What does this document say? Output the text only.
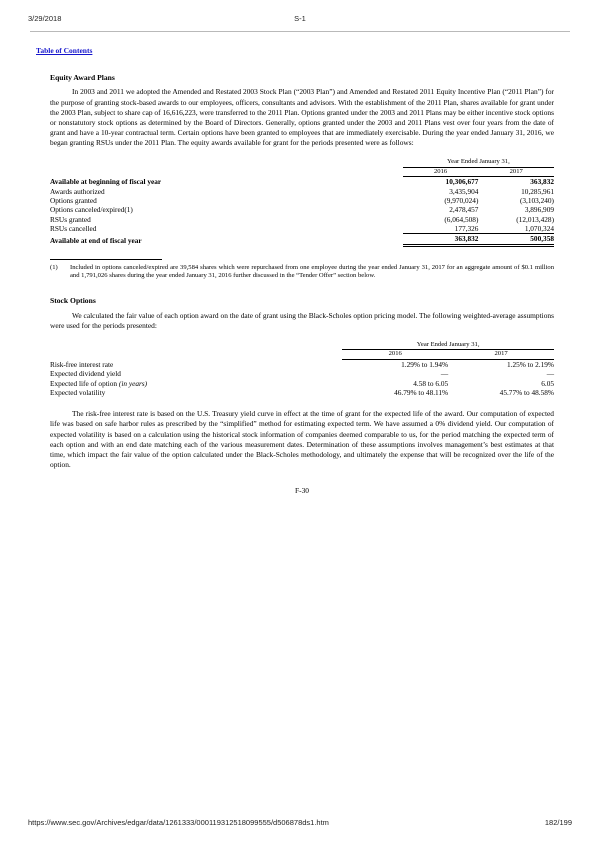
3/29/2018	S-1
Table of Contents
Equity Award Plans

In 2003 and 2011 we adopted the Amended and Restated 2003 Stock Plan (“2003 Plan”) and Amended and Restated 2011 Equity Incentive Plan (“2011 Plan”) for the purpose of granting stock-based awards to our employees, officers, consultants and advisors. With the establishment of the 2011 Plan, shares available for grant under the 2003 Plan, subject to share cap of 16,616,223, were transferred to the 2011 Plan. Options granted under the 2003 and 2011 Plans may be either incentive stock options or nonstatutory stock options as determined by the Board of Directors. Generally, options granted under the 2003 and 2011 Plans vest over four years from the date of grant and have a 10-year contractual term. Certain options have been granted to employees that are immediately exercisable. During the year ended January 31, 2016, we began granting RSUs under the 2011 Plan. The equity awards available for grant for the periods presented were as follows:

		Year Ended January 31,	
		2016	2017
Available at beginning of fiscal year		10,306,677	363,832
Awards authorized		3,435,904	10,285,961
Options granted		(9,970,024)	(3,103,240)
Options canceled/expired(1)		2,478,457	3,896,909
RSUs granted		(6,064,508)	(12,013,428)
RSUs cancelled		177,326	1,070,324
Available at end of fiscal year		363,832	500,358
(1)	Included in options canceled/expired are 39,584 shares which were repurchased from one employee during the year ended January 31, 2017 for an aggregate amount of $0.1 million and 1,791,026 shares during the year ended January 31, 2016 further discussed in the “Tender Offer” section below.
Stock Options

We calculated the fair value of each option award on the date of grant using the Black-Scholes option pricing model. The following weighted-average assumptions were used for the periods presented:

		Year Ended January 31,	
		2016	2017
Risk-free interest rate		1.29% to 1.94%	1.25% to 2.19%
Expected dividend yield		—	—
Expected life of option (in years)		4.58 to 6.05	6.05
Expected volatility		46.79% to 48.11%	45.77% to 48.58%

The risk-free interest rate is based on the U.S. Treasury yield curve in effect at the time of grant for the expected life of the award. Our computation of expected life was based on safe harbor rules as prescribed by the “simplified” method for estimating expected term. We have assumed a 0% dividend yield. Our computation of expected volatility is based on a calculation using the historical stock information of companies deemed comparable to us, for the period matching the expected term of each option and with an end date matching each of the various measurement dates. Determination of these assumptions involves management’s best estimates at that time, which impact the fair value of the option calculated under the Black-Scholes methodology, and ultimately the expense that will be recognized over the life of the option.

F-30
https://www.sec.gov/Archives/edgar/data/1261333/000119312518099555/d506878ds1.htm	182/199
